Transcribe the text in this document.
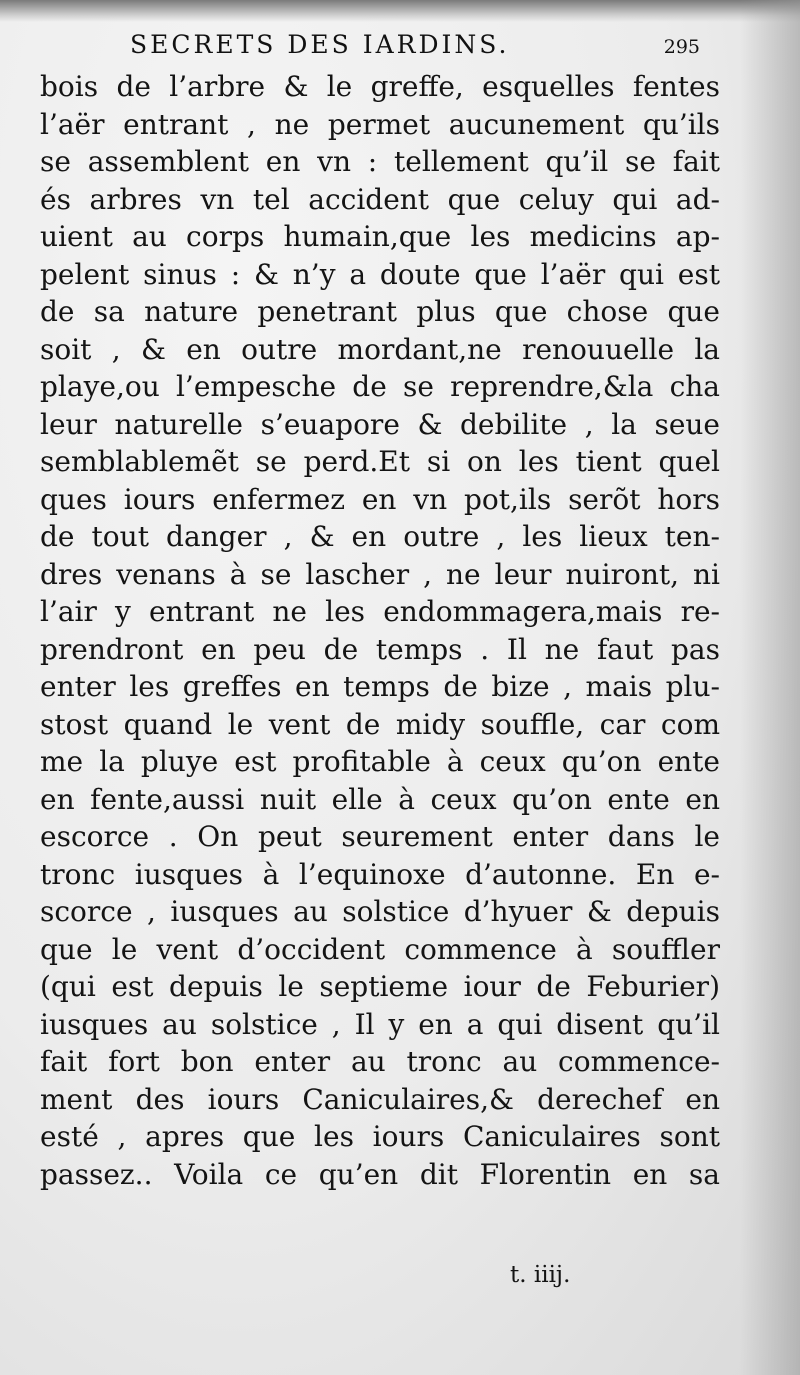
SECRETS DES IARDINS.	295
bois de l’arbre & le greffe, esquelles fentes
l’aër entrant , ne permet aucunement qu’ils
se assemblent en vn : tellement qu’il se fait
és arbres vn tel accident que celuy qui ad-
uient au corps humain,que les medicins ap-
pelent sinus : & n’y a doute que l’aër qui est
de sa nature penetrant plus que chose que
soit , & en outre mordant,ne renouuelle la
playe,ou l’empesche de se reprendre,&la cha
leur naturelle s’euapore & debilite , la seue
semblablemẽt se perd.Et si on les tient quel
ques iours enfermez en vn pot,ils serõt hors
de tout danger , & en outre , les lieux ten-
dres venans à se lascher , ne leur nuiront, ni
l’air y entrant ne les endommagera,mais re-
prendront en peu de temps . Il ne faut pas
enter les greffes en temps de bize , mais plu-
stost quand le vent de midy souffle, car com
me la pluye est profitable à ceux qu’on ente
en fente,aussi nuit elle à ceux qu’on ente en
escorce . On peut seurement enter dans le
tronc iusques à l’equinoxe d’autonne. En e-
scorce , iusques au solstice d’hyuer & depuis
que le vent d’occident commence à souffler
(qui est depuis le septieme iour de Feburier)
iusques au solstice , Il y en a qui disent qu’il
fait fort bon enter au tronc au commence-
ment des iours Caniculaires,& derechef en
esté , apres que les iours Caniculaires sont
passez.. Voila ce qu’en dit Florentin en sa
t. iiij.
